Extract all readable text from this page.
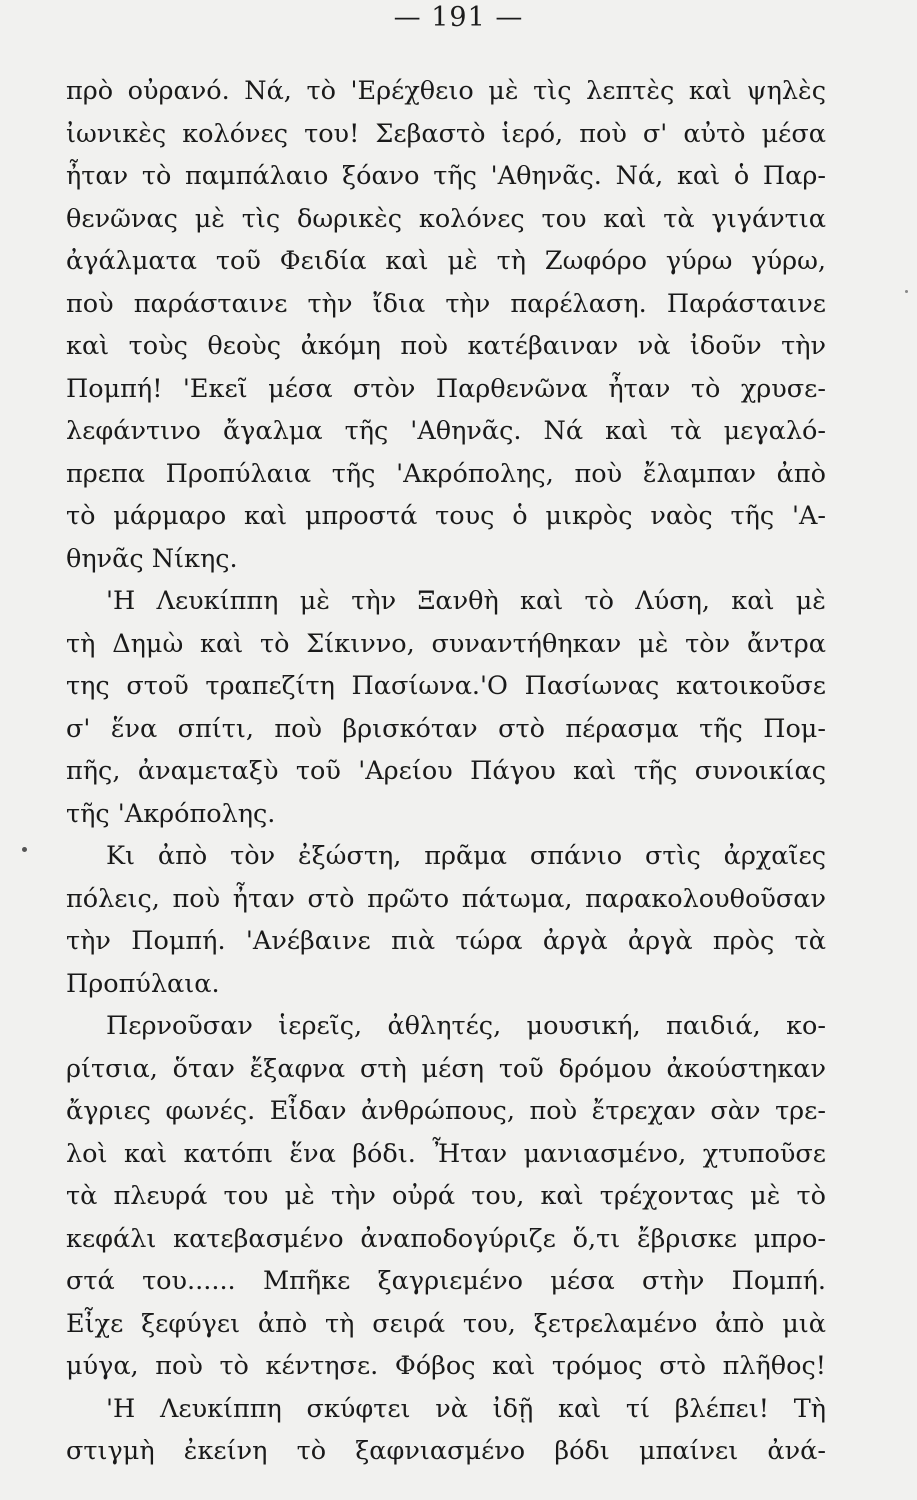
— 191 —
πρὸ οὐρανό. Νά, τὸ 'Ερέχθειο μὲ τὶς λεπτὲς καὶ ψηλὲς
ἰωνικὲς κολόνες του! Σεβαστὸ ἱερό, ποὺ σ' αὐτὸ μέσα
ἦταν τὸ παμπάλαιο ξόανο τῆς 'Αθηνᾶς. Νά, καὶ ὁ Παρ-
θενῶνας μὲ τὶς δωρικὲς κολόνες του καὶ τὰ γιγάντια
ἀγάλματα τοῦ Φειδία καὶ μὲ τὴ Ζωφόρο γύρω γύρω,
ποὺ παράσταινε τὴν ἴδια τὴν παρέλαση. Παράσταινε
καὶ τοὺς θεοὺς ἀκόμη ποὺ κατέβαιναν νὰ ἰδοῦν τὴν
Πομπή! 'Εκεῖ μέσα στὸν Παρθενῶνα ἦταν τὸ χρυσε-
λεφάντινο ἄγαλμα τῆς 'Αθηνᾶς. Νά καὶ τὰ μεγαλό-
πρεπα Προπύλαια τῆς 'Ακρόπολης, ποὺ ἔλαμπαν ἀπὸ
τὸ μάρμαρο καὶ μπροστά τους ὁ μικρὸς ναὸς τῆς 'Α-
θηνᾶς Νίκης.
'Η Λευκίππη μὲ τὴν Ξανθὴ καὶ τὸ Λύση, καὶ μὲ
τὴ Δημὼ καὶ τὸ Σίκιννο, συναντήθηκαν μὲ τὸν ἄντρα
της στοῦ τραπεζίτη Πασίωνα.'Ο Πασίωνας κατοικοῦσε
σ' ἕνα σπίτι, ποὺ βρισκόταν στὸ πέρασμα τῆς Πομ-
πῆς, ἀναμεταξὺ τοῦ 'Αρείου Πάγου καὶ τῆς συνοικίας
τῆς 'Ακρόπολης.
Κι ἀπὸ τὸν ἐξώστη, πρᾶμα σπάνιο στὶς ἀρχαῖες
πόλεις, ποὺ ἦταν στὸ πρῶτο πάτωμα, παρακολουθοῦσαν
τὴν Πομπή. 'Ανέβαινε πιὰ τώρα ἀργὰ ἀργὰ πρὸς τὰ
Προπύλαια.
Περνοῦσαν ἱερεῖς, ἀθλητές, μουσική, παιδιά, κο-
ρίτσια, ὅταν ἔξαφνα στὴ μέση τοῦ δρόμου ἀκούστηκαν
ἄγριες φωνές. Εἶδαν ἀνθρώπους, ποὺ ἔτρεχαν σὰν τρε-
λοὶ καὶ κατόπι ἕνα βόδι. Ἦταν μανιασμένο, χτυποῦσε
τὰ πλευρά του μὲ τὴν οὐρά του, καὶ τρέχοντας μὲ τὸ
κεφάλι κατεβασμένο ἀναποδογύριζε ὅ,τι ἔβρισκε μπρο-
στά του...... Μπῆκε ξαγριεμένο μέσα στὴν Πομπή.
Εἶχε ξεφύγει ἀπὸ τὴ σειρά του, ξετρελαμένο ἀπὸ μιὰ
μύγα, ποὺ τὸ κέντησε. Φόβος καὶ τρόμος στὸ πλῆθος!
'Η Λευκίππη σκύφτει νὰ ἰδῇ καὶ τί βλέπει! Τὴ
στιγμὴ ἐκείνη τὸ ξαφνιασμένο βόδι μπαίνει ἀνά-
